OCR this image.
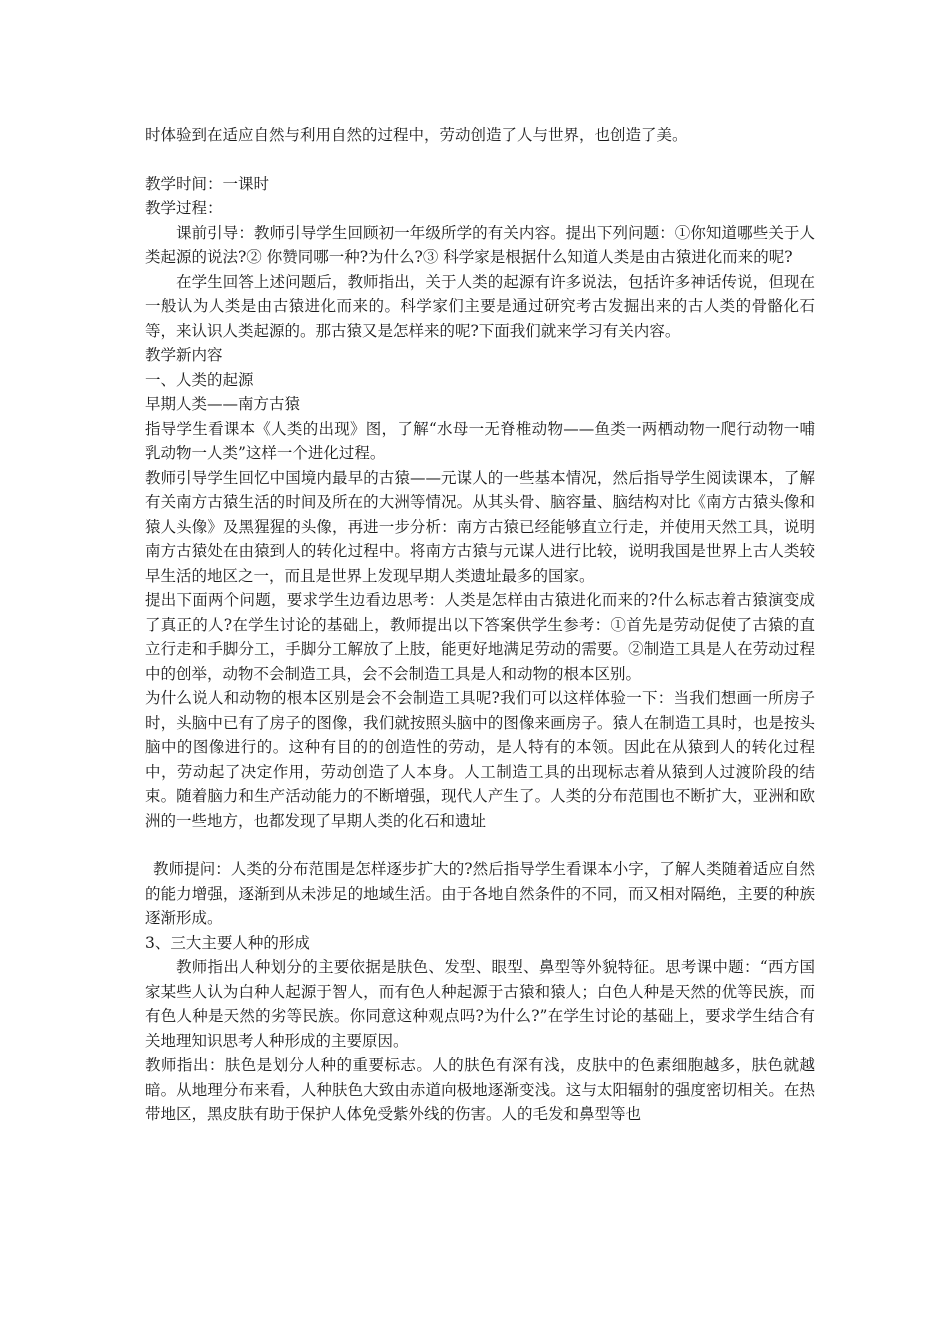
时体验到在适应自然与利用自然的过程中，劳动创造了人与世界，也创造了美。

教学时间：一课时

教学过程：

课前引导：教师引导学生回顾初一年级所学的有关内容。提出下列问题：①你知道哪些关于人类起源的说法?② 你赞同哪一种?为什么?③ 科学家是根据什么知道人类是由古猿进化而来的呢?

在学生回答上述问题后，教师指出，关于人类的起源有许多说法，包括许多神话传说，但现在一般认为人类是由古猿进化而来的。科学家们主要是通过研究考古发掘出来的古人类的骨骼化石等，来认识人类起源的。那古猿又是怎样来的呢?下面我们就来学习有关内容。

教学新内容

一、人类的起源

早期人类——南方古猿

指导学生看课本《人类的出现》图，了解“水母一无脊椎动物——鱼类一两栖动物一爬行动物一哺乳动物一人类”这样一个进化过程。

教师引导学生回忆中国境内最早的古猿——元谋人的一些基本情况，然后指导学生阅读课本，了解有关南方古猿生活的时间及所在的大洲等情况。从其头骨、脑容量、脑结构对比《南方古猿头像和猿人头像》及黑猩猩的头像，再进一步分析：南方古猿已经能够直立行走，并使用天然工具，说明南方古猿处在由猿到人的转化过程中。将南方古猿与元谋人进行比较，说明我国是世界上古人类较早生活的地区之一，而且是世界上发现早期人类遗址最多的国家。

提出下面两个问题，要求学生边看边思考：人类是怎样由古猿进化而来的?什么标志着古猿演变成了真正的人?在学生讨论的基础上，教师提出以下答案供学生参考：①首先是劳动促使了古猿的直立行走和手脚分工，手脚分工解放了上肢，能更好地满足劳动的需要。②制造工具是人在劳动过程中的创举，动物不会制造工具，会不会制造工具是人和动物的根本区别。

为什么说人和动物的根本区别是会不会制造工具呢?我们可以这样体验一下：当我们想画一所房子时，头脑中已有了房子的图像，我们就按照头脑中的图像来画房子。猿人在制造工具时，也是按头脑中的图像进行的。这种有目的的创造性的劳动，是人特有的本领。因此在从猿到人的转化过程中，劳动起了决定作用，劳动创造了人本身。人工制造工具的出现标志着从猿到人过渡阶段的结束。随着脑力和生产活动能力的不断增强，现代人产生了。人类的分布范围也不断扩大，亚洲和欧洲的一些地方，也都发现了早期人类的化石和遗址

教师提问：人类的分布范围是怎样逐步扩大的?然后指导学生看课本小字，了解人类随着适应自然的能力增强，逐渐到从未涉足的地域生活。由于各地自然条件的不同，而又相对隔绝，主要的种族逐渐形成。

3、三大主要人种的形成

教师指出人种划分的主要依据是肤色、发型、眼型、鼻型等外貌特征。思考课中题：“西方国家某些人认为白种人起源于智人，而有色人种起源于古猿和猿人；白色人种是天然的优等民族，而有色人种是天然的劣等民族。你同意这种观点吗?为什么?”在学生讨论的基础上，要求学生结合有关地理知识思考人种形成的主要原因。

教师指出：肤色是划分人种的重要标志。人的肤色有深有浅，皮肤中的色素细胞越多，肤色就越暗。从地理分布来看，人种肤色大致由赤道向极地逐渐变浅。这与太阳辐射的强度密切相关。在热带地区，黑皮肤有助于保护人体免受紫外线的伤害。人的毛发和鼻型等也
